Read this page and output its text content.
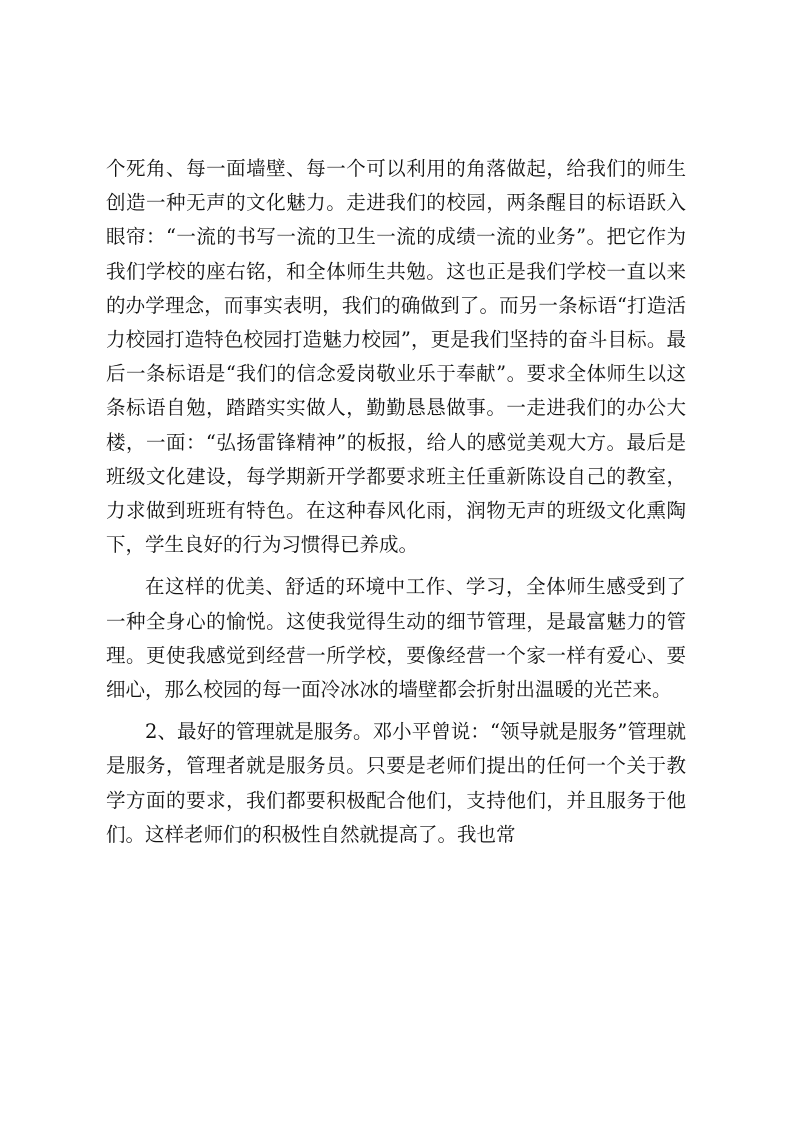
个死角、每一面墙壁、每一个可以利用的角落做起，给我们的师生创造一种无声的文化魅力。走进我们的校园，两条醒目的标语跃入眼帘：“一流的书写一流的卫生一流的成绩一流的业务”。把它作为我们学校的座右铭，和全体师生共勉。这也正是我们学校一直以来的办学理念，而事实表明，我们的确做到了。而另一条标语“打造活力校园打造特色校园打造魅力校园”，更是我们坚持的奋斗目标。最后一条标语是“我们的信念爱岗敬业乐于奉献”。要求全体师生以这条标语自勉，踏踏实实做人，勤勤恳恳做事。一走进我们的办公大楼，一面：“弘扬雷锋精神”的板报，给人的感觉美观大方。最后是班级文化建设，每学期新开学都要求班主任重新陈设自己的教室，力求做到班班有特色。在这种春风化雨，润物无声的班级文化熏陶下，学生良好的行为习惯得已养成。

在这样的优美、舒适的环境中工作、学习，全体师生感受到了一种全身心的愉悦。这使我觉得生动的细节管理，是最富魅力的管理。更使我感觉到经营一所学校，要像经营一个家一样有爱心、要细心，那么校园的每一面冷冰冰的墙壁都会折射出温暖的光芒来。

2、最好的管理就是服务。邓小平曾说：“领导就是服务”管理就是服务，管理者就是服务员。只要是老师们提出的任何一个关于教学方面的要求，我们都要积极配合他们，支持他们，并且服务于他们。这样老师们的积极性自然就提高了。我也常
